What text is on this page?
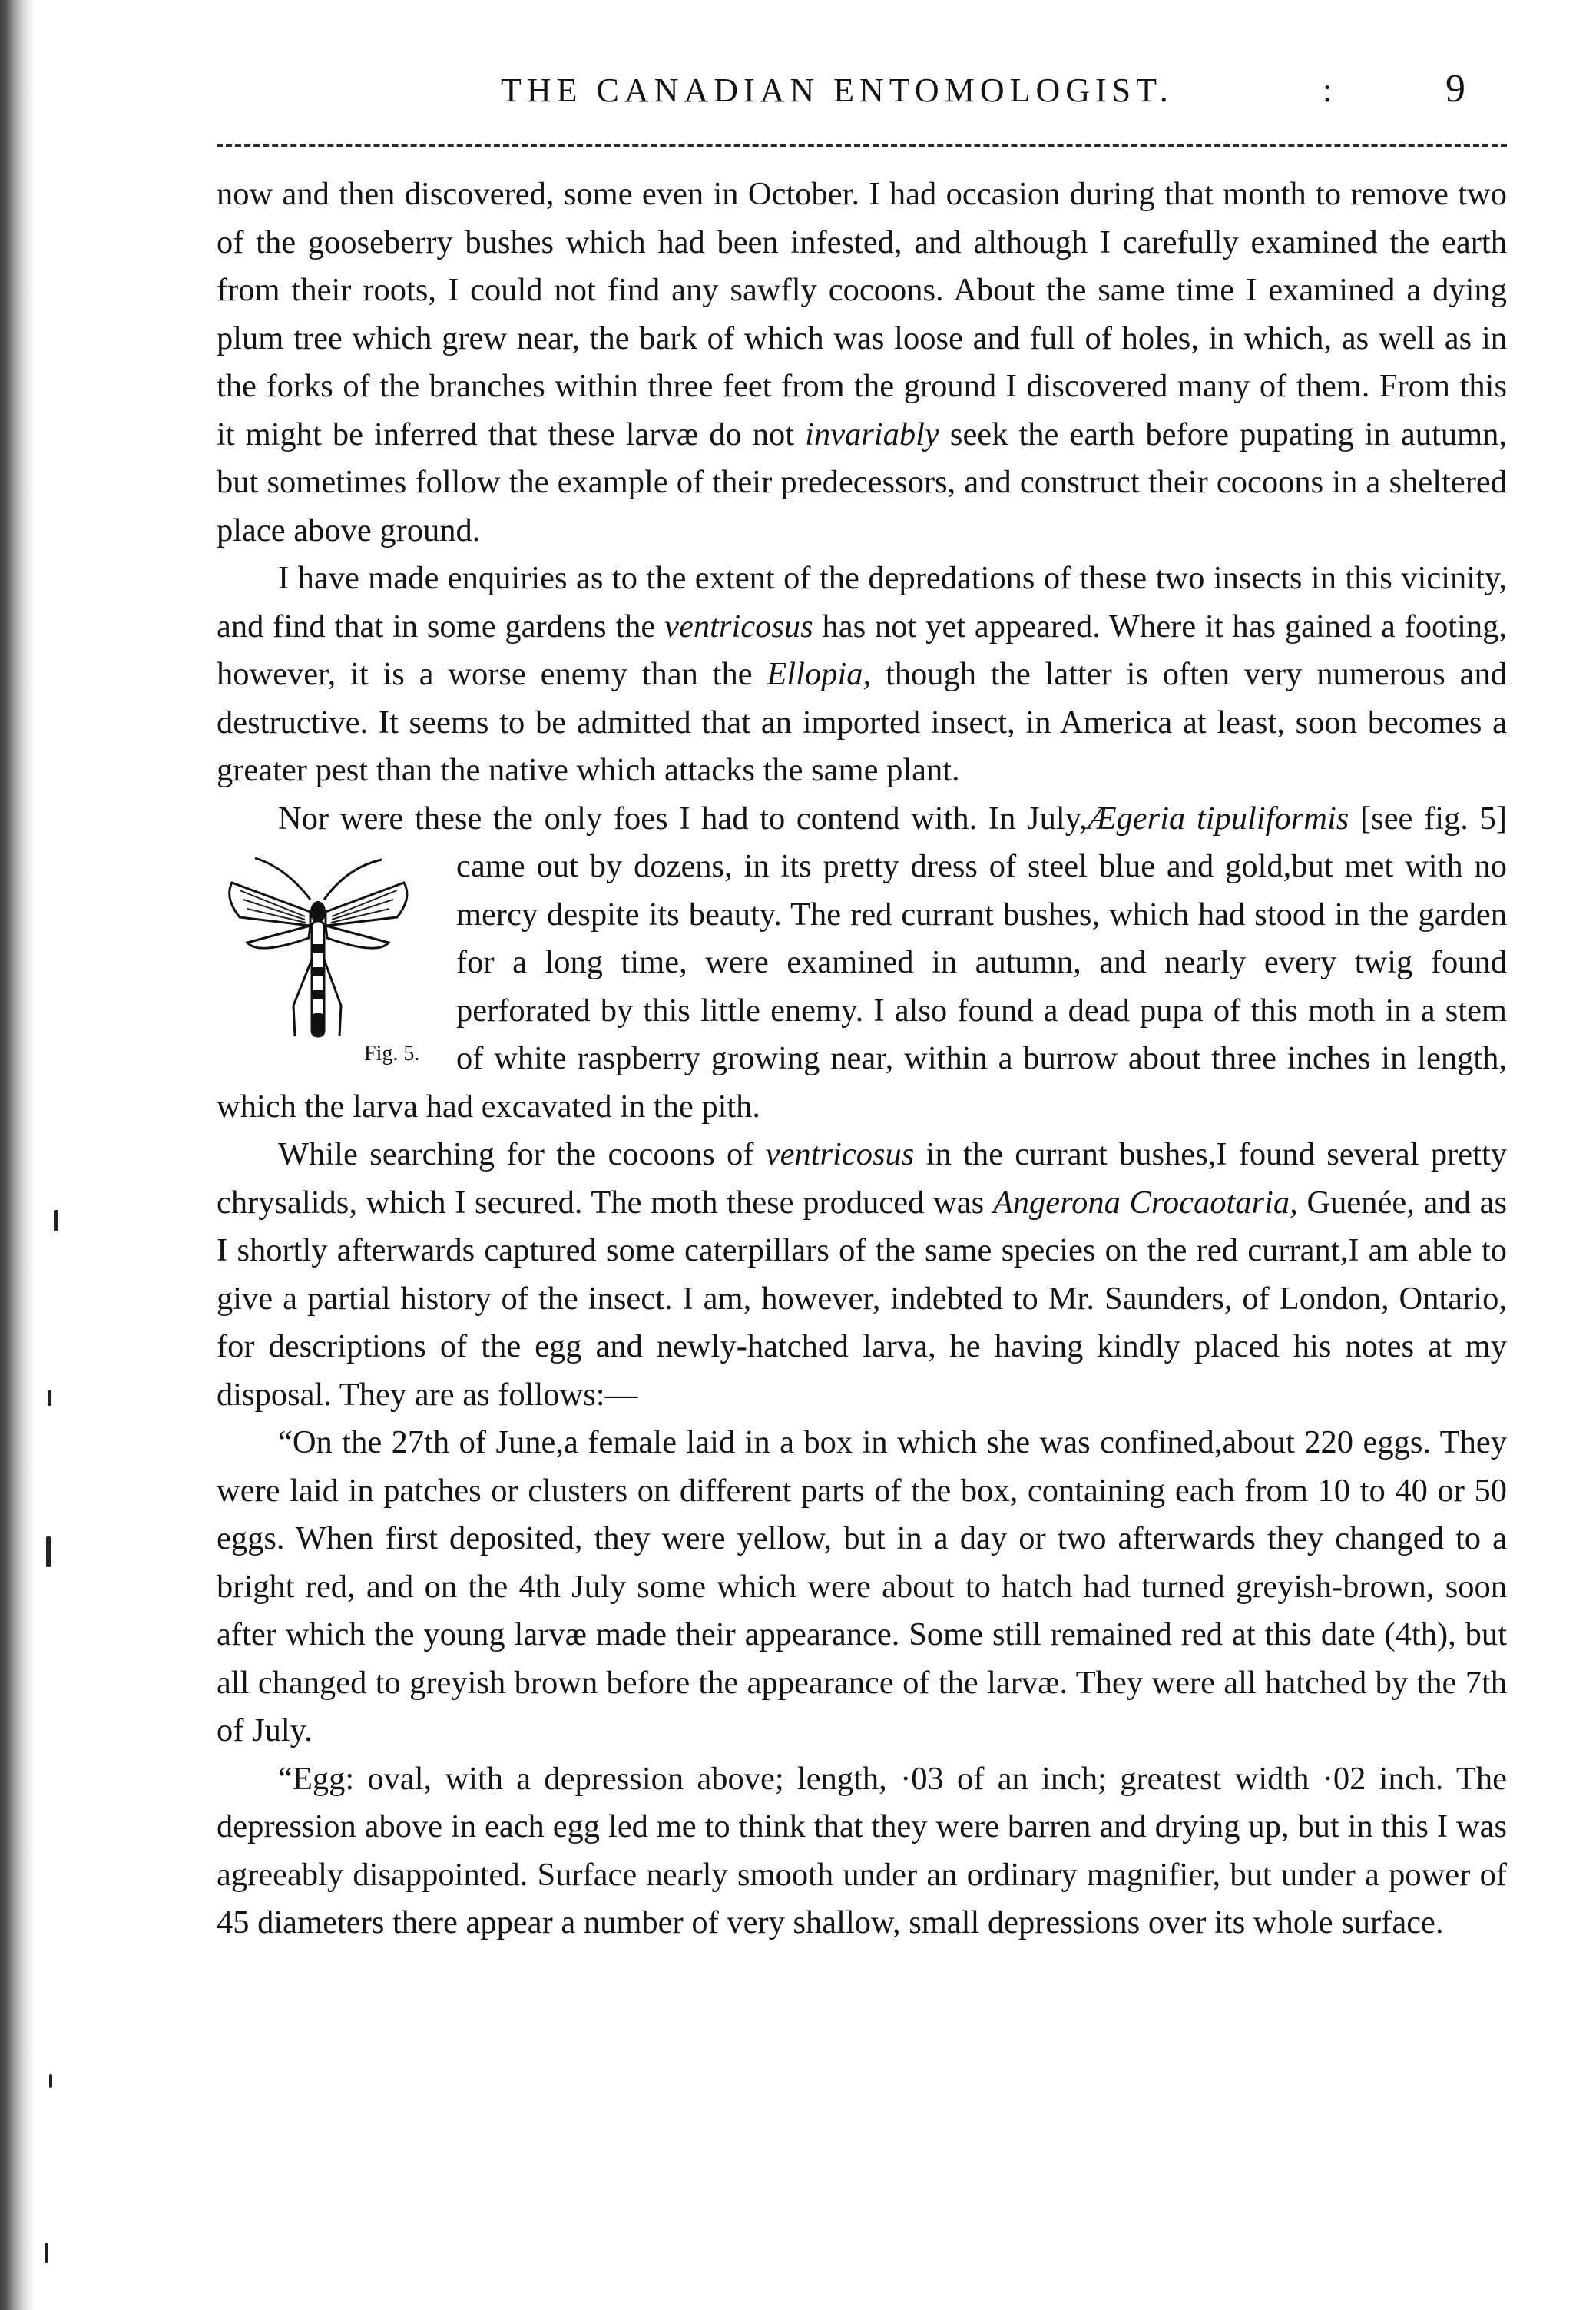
THE CANADIAN ENTOMOLOGIST.	:	9

now and then discovered, some even in October. I had occasion during that month to remove two of the gooseberry bushes which had been infested, and although I carefully examined the earth from their roots, I could not find any sawfly cocoons. About the same time I examined a dying plum tree which grew near, the bark of which was loose and full of holes, in which, as well as in the forks of the branches within three feet from the ground I discovered many of them. From this it might be inferred that these larvæ do not invariably seek the earth before pupating in autumn, but sometimes follow the example of their predecessors, and construct their cocoons in a sheltered place above ground.

I have made enquiries as to the extent of the depredations of these two insects in this vicinity, and find that in some gardens the ventricosus has not yet appeared. Where it has gained a footing, however, it is a worse enemy than the Ellopia, though the latter is often very numerous and destructive. It seems to be admitted that an imported insect, in America at least, soon becomes a greater pest than the native which attacks the same plant.

Nor were these the only foes I had to contend with. In July,Ægeria tipuliformis
Fig. 5.
[see fig. 5] came out by dozens, in its pretty dress of steel blue and gold,but met with no mercy despite its beauty. The red currant bushes, which had stood in the garden for a long time, were examined in autumn, and nearly every twig found perforated by this little enemy. I also found a dead pupa of this moth in a stem of white raspberry growing near, within a burrow about three inches in length, which the larva had excavated in the pith.

While searching for the cocoons of ventricosus in the currant bushes,I found several pretty chrysalids, which I secured. The moth these produced was Angerona Crocaotaria, Guenée, and as I shortly afterwards captured some caterpillars of the same species on the red currant,I am able to give a partial history of the insect. I am, however, indebted to Mr. Saunders, of London, Ontario, for descriptions of the egg and newly-hatched larva, he having kindly placed his notes at my disposal. They are as follows:—

“On the 27th of June,a female laid in a box in which she was confined,about 220 eggs. They were laid in patches or clusters on different parts of the box, containing each from 10 to 40 or 50 eggs. When first deposited, they were yellow, but in a day or two afterwards they changed to a bright red, and on the 4th July some which were about to hatch had turned greyish-brown, soon after which the young larvæ made their appearance. Some still remained red at this date (4th), but all changed to greyish brown before the appearance of the larvæ. They were all hatched by the 7th of July.

“Egg: oval, with a depression above; length, ·03 of an inch; greatest width ·02 inch. The depression above in each egg led me to think that they were barren and drying up, but in this I was agreeably disappointed. Surface nearly smooth under an ordinary magnifier, but under a power of 45 diameters there appear a number of very shallow, small depressions over its whole surface.
